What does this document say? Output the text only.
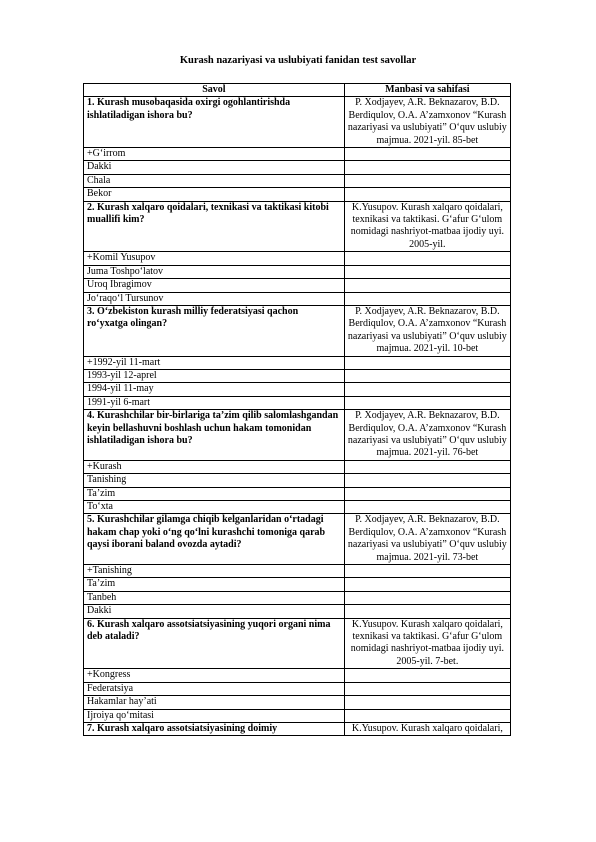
Kurash nazariyasi va uslubiyati fanidan test savollar
Savol	Manbasi va sahifasi
1. Kurash musobaqasida oxirgi ogohlantirishda ishlatiladigan ishora bu?	P. Xodjayev, A.R. Beknazarov, B.D. Berdiqulov, O.A. A’zamxonov “Kurash nazariyasi va uslubiyati” O‘quv uslubiy majmua. 2021-yil. 85-bet
+G‘irrom	
Dakki	
Chala	
Bekor	
2. Kurash xalqaro qoidalari, texnikasi va taktikasi kitobi muallifi kim?	K.Yusupov. Kurash xalqaro qoidalari, texnikasi va taktikasi. G‘afur G‘ulom nomidagi nashriyot-matbaa ijodiy uyi. 2005-yil.
+Komil Yusupov	
Juma Toshpo‘latov	
Uroq Ibragimov	
Jo‘raqo‘l Tursunov	
3. O‘zbekiston kurash milliy federatsiyasi qachon ro‘yxatga olingan?	P. Xodjayev, A.R. Beknazarov, B.D. Berdiqulov, O.A. A’zamxonov “Kurash nazariyasi va uslubiyati” O‘quv uslubiy majmua. 2021-yil. 10-bet
+1992-yil 11-mart	
1993-yil 12-aprel	
1994-yil 11-may	
1991-yil 6-mart	
4. Kurashchilar bir-birlariga ta’zim qilib salomlashgandan keyin bellashuvni boshlash uchun hakam tomonidan ishlatiladigan ishora bu?	P. Xodjayev, A.R. Beknazarov, B.D. Berdiqulov, O.A. A’zamxonov “Kurash nazariyasi va uslubiyati” O‘quv uslubiy majmua. 2021-yil. 76-bet
+Kurash	
Tanishing	
Ta’zim	
To‘xta	
5. Kurashchilar gilamga chiqib kelganlaridan o‘rtadagi hakam chap yoki o‘ng qo‘lni kurashchi tomoniga qarab qaysi iborani baland ovozda aytadi?	P. Xodjayev, A.R. Beknazarov, B.D. Berdiqulov, O.A. A’zamxonov “Kurash nazariyasi va uslubiyati” O‘quv uslubiy majmua. 2021-yil. 73-bet
+Tanishing	
Ta’zim	
Tanbeh	
Dakki	
6. Kurash xalqaro assotsiatsiyasining yuqori organi nima deb ataladi?	K.Yusupov. Kurash xalqaro qoidalari, texnikasi va taktikasi. G‘afur G‘ulom nomidagi nashriyot-matbaa ijodiy uyi. 2005-yil. 7-bet.
+Kongress	
Federatsiya	
Hakamlar hay’ati	
Ijroiya qo‘mitasi	
7. Kurash xalqaro assotsiatsiyasining doimiy	K.Yusupov. Kurash xalqaro qoidalari,
